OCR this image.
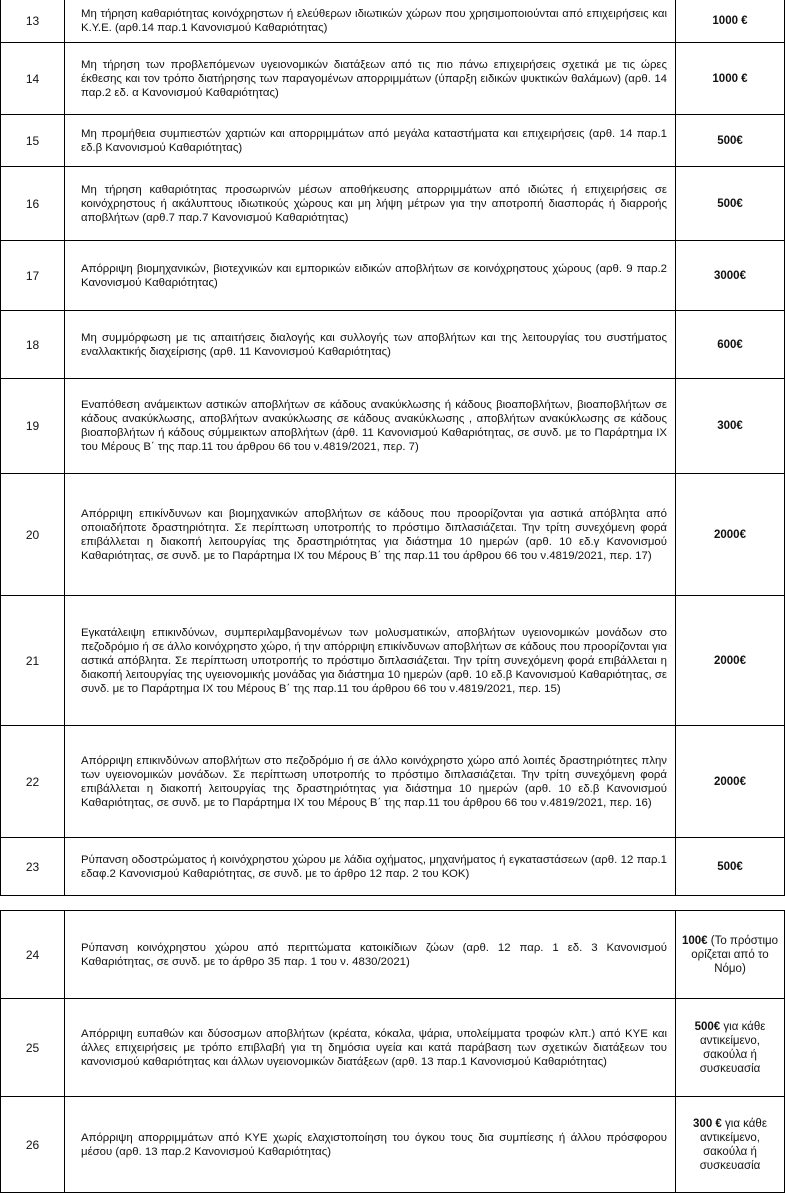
13	Μη τήρηση καθαριότητας κοινόχρηστων ή ελεύθερων ιδιωτικών χώρων που χρησιμοποιούνται από επιχειρήσεις και Κ.Υ.Ε. (αρθ.14 παρ.1 Κανονισμού Καθαριότητας)	1000 €
14	Μη τήρηση των προβλεπόμενων υγειονομικών διατάξεων από τις πιο πάνω επιχειρήσεις σχετικά με τις ώρες έκθεσης και τον τρόπο διατήρησης των παραγομένων απορριμμάτων (ύπαρξη ειδικών ψυκτικών θαλάμων) (αρθ. 14 παρ.2 εδ. α Κανονισμού Καθαριότητας)	1000 €
15	Μη προμήθεια συμπιεστών χαρτιών και απορριμμάτων από μεγάλα καταστήματα και επιχειρήσεις (αρθ. 14 παρ.1 εδ.β Κανονισμού Καθαριότητας)	500€
16	Μη τήρηση καθαριότητας προσωρινών μέσων αποθήκευσης απορριμμάτων από ιδιώτες ή επιχειρήσεις σε κοινόχρηστους ή ακάλυπτους ιδιωτικούς χώρους και μη λήψη μέτρων για την αποτροπή διασποράς ή διαρροής αποβλήτων (αρθ.7 παρ.7 Κανονισμού Καθαριότητας)	500€
17	Απόρριψη βιομηχανικών, βιοτεχνικών και εμπορικών ειδικών αποβλήτων σε κοινόχρηστους χώρους (αρθ. 9 παρ.2 Κανονισμού Καθαριότητας)	3000€
18	Μη συμμόρφωση με τις απαιτήσεις διαλογής και συλλογής των αποβλήτων και της λειτουργίας του συστήματος εναλλακτικής διαχείρισης (αρθ. 11 Κανονισμού Καθαριότητας)	600€
19	Εναπόθεση ανάμεικτων αστικών αποβλήτων σε κάδους ανακύκλωσης ή κάδους βιοαποβλήτων, βιοαποβλήτων σε κάδους ανακύκλωσης, αποβλήτων ανακύκλωσης σε κάδους ανακύκλωσης , αποβλήτων ανακύκλωσης σε κάδους βιοαποβλήτων ή κάδους σύμμεικτων αποβλήτων (άρθ. 11 Κανονισμού Καθαριότητας, σε συνδ. με το Παράρτημα ΙΧ του Μέρους Β΄ της παρ.11 του άρθρου 66 του ν.4819/2021, περ. 7)	300€
20	Απόρριψη επικίνδυνων και βιομηχανικών αποβλήτων σε κάδους που προορίζονται για αστικά απόβλητα από οποιαδήποτε δραστηριότητα. Σε περίπτωση υποτροπής το πρόστιμο διπλασιάζεται. Την τρίτη συνεχόμενη φορά επιβάλλεται η διακοπή λειτουργίας της δραστηριότητας για διάστημα 10 ημερών (αρθ. 10 εδ.γ Κανονισμού Καθαριότητας, σε συνδ. με το Παράρτημα ΙΧ του Μέρους Β΄ της παρ.11 του άρθρου 66 του ν.4819/2021, περ. 17)	2000€
21	Εγκατάλειψη επικινδύνων, συμπεριλαμβανομένων των μολυσματικών, αποβλήτων υγειονομικών μονάδων στο πεζοδρόμιο ή σε άλλο κοινόχρηστο χώρο, ή την απόρριψη επικίνδυνων αποβλήτων σε κάδους που προορίζονται για αστικά απόβλητα. Σε περίπτωση υποτροπής το πρόστιμο διπλασιάζεται. Την τρίτη συνεχόμενη φορά επιβάλλεται η διακοπή λειτουργίας της υγειονομικής μονάδας για διάστημα 10 ημερών (αρθ. 10 εδ.β Κανονισμού Καθαριότητας, σε συνδ. με το Παράρτημα ΙΧ του Μέρους Β΄ της παρ.11 του άρθρου 66 του ν.4819/2021, περ. 15)	2000€
22	Απόρριψη επικινδύνων αποβλήτων στο πεζοδρόμιο ή σε άλλο κοινόχρηστο χώρο από λοιπές δραστηριότητες πλην των υγειονομικών μονάδων. Σε περίπτωση υποτροπής το πρόστιμο διπλασιάζεται. Την τρίτη συνεχόμενη φορά επιβάλλεται η διακοπή λειτουργίας της δραστηριότητας για διάστημα 10 ημερών (αρθ. 10 εδ.β Κανονισμού Καθαριότητας, σε συνδ. με το Παράρτημα ΙΧ του Μέρους Β΄ της παρ.11 του άρθρου 66 του ν.4819/2021, περ. 16)	2000€
23	Ρύπανση οδοστρώματος ή κοινόχρηστου χώρου με λάδια οχήματος, μηχανήματος ή εγκαταστάσεων (αρθ. 12 παρ.1 εδαφ.2 Κανονισμού Καθαριότητας, σε συνδ. με το άρθρο 12 παρ. 2 του ΚΟΚ)	500€
24	Ρύπανση κοινόχρηστου χώρου από περιττώματα κατοικίδιων ζώων (αρθ. 12 παρ. 1 εδ. 3 Κανονισμού Καθαριότητας, σε συνδ. με το άρθρο 35 παρ. 1 του ν. 4830/2021)	100€ (Το πρόστιμο ορίζεται από το Νόμο)
25	Απόρριψη ευπαθών και δύσοσμων αποβλήτων (κρέατα, κόκαλα, ψάρια, υπολείμματα τροφών κλπ.) από ΚΥΕ και άλλες επιχειρήσεις με τρόπο επιβλαβή για τη δημόσια υγεία και κατά παράβαση των σχετικών διατάξεων του κανονισμού καθαριότητας και άλλων υγειονομικών διατάξεων (αρθ. 13 παρ.1 Κανονισμού Καθαριότητας)	500€ για κάθε αντικείμενο, σακούλα ή συσκευασία
26	Απόρριψη απορριμμάτων από ΚΥΕ χωρίς ελαχιστοποίηση του όγκου τους δια συμπίεσης ή άλλου πρόσφορου μέσου (αρθ. 13 παρ.2 Κανονισμού Καθαριότητας)	300 € για κάθε αντικείμενο, σακούλα ή συσκευασία
